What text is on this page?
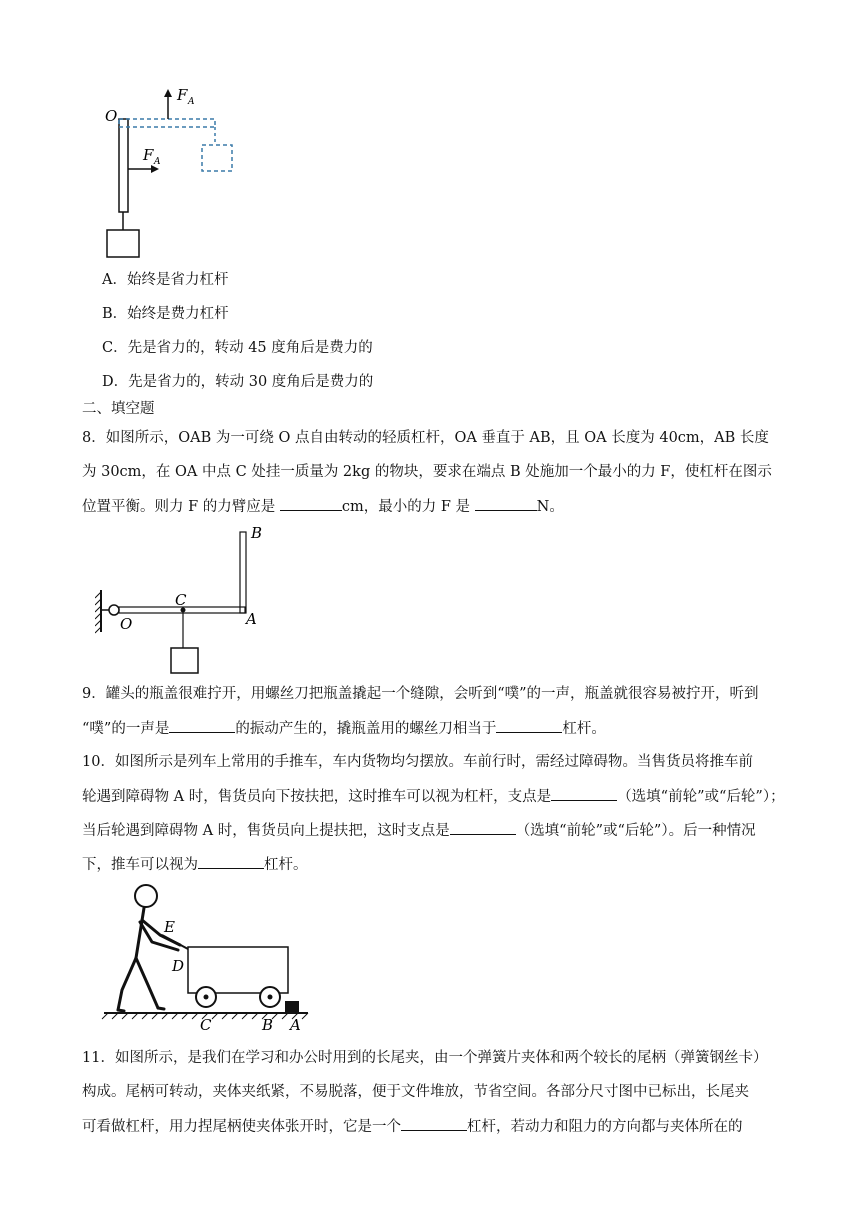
O
F A
F A
A．始终是省力杠杆
B．始终是费力杠杆
C．先是省力的，转动 45 度角后是费力的
D．先是省力的，转动 30 度角后是费力的
二、填空题
8．如图所示，OAB 为一可绕 O 点自由转动的轻质杠杆，OA 垂直于 AB，且 OA 长度为 40cm，AB 长度
为 30cm，在 OA 中点 C 处挂一质量为 2kg 的物块，要求在端点 B 处施加一个最小的力 F，使杠杆在图示
位置平衡。则力 F 的力臂应是	cm，最小的力 F 是	N。
O
C
A
B
9．罐头的瓶盖很难拧开，用螺丝刀把瓶盖撬起一个缝隙，会听到“噗”的一声，瓶盖就很容易被拧开，听到
“噗”的一声是	的振动产生的，撬瓶盖用的螺丝刀相当于	杠杆。
10．如图所示是列车上常用的手推车，车内货物均匀摆放。车前行时，需经过障碍物。当售货员将推车前
轮遇到障碍物 A 时，售货员向下按扶把，这时推车可以视为杠杆，支点是	（选填“前轮”或“后轮”）；
当后轮遇到障碍物 A 时，售货员向上提扶把，这时支点是	（选填“前轮”或“后轮”）。后一种情况
下，推车可以视为	杠杆。
E
D
C	B A
11．如图所示，是我们在学习和办公时用到的长尾夹，由一个弹簧片夹体和两个较长的尾柄（弹簧钢丝卡）
构成。尾柄可转动，夹体夹纸紧，不易脱落，便于文件堆放，节省空间。各部分尺寸图中已标出，长尾夹
可看做杠杆，用力捏尾柄使夹体张开时，它是一个	杠杆，若动力和阻力的方向都与夹体所在的
